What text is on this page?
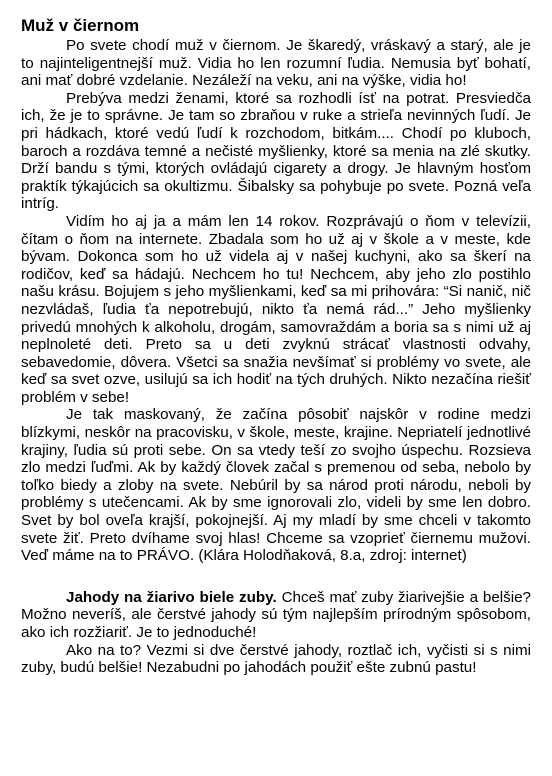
Muž v čiernom

Po svete chodí muž v čiernom. Je škaredý, vráskavý a starý, ale je to najinteligentnejší muž. Vidia ho len rozumní ľudia. Nemusia byť bohatí, ani mať dobré vzdelanie. Nezáleží na veku, ani na výške, vidia ho!

Prebýva medzi ženami, ktoré sa rozhodli ísť na potrat. Presviedča ich, že je to správne. Je tam so zbraňou v ruke a strieľa nevinných ľudí. Je pri hádkach, ktoré vedú ľudí k rozchodom, bitkám.... Chodí po kluboch, baroch a rozdáva temné a nečisté myšlienky, ktoré sa menia na zlé skutky. Drží bandu s tými, ktorých ovládajú cigarety a drogy. Je hlavným hosťom praktík týkajúcich sa okultizmu. Šibalsky sa pohybuje po svete. Pozná veľa intríg.

Vidím ho aj ja a mám len 14 rokov. Rozprávajú o ňom v televízii, čítam o ňom na internete. Zbadala som ho už aj v škole a v meste, kde bývam. Dokonca som ho už videla aj v našej kuchyni, ako sa škerí na rodičov, keď sa hádajú. Nechcem ho tu! Nechcem, aby jeho zlo postihlo našu krásu. Bojujem s jeho myšlienkami, keď sa mi prihovára: “Si nanič, nič nezvládaš, ľudia ťa nepotrebujú, nikto ťa nemá rád...” Jeho myšlienky privedú mnohých k alkoholu, drogám, samovraždám a boria sa s nimi už aj neplnoleté deti. Preto sa u deti zvyknú strácať vlastnosti odvahy, sebavedomie, dôvera. Všetci sa snažia nevšímať si problémy vo svete, ale keď sa svet ozve, usilujú sa ich hodiť na tých druhých. Nikto nezačína riešiť problém v sebe!

Je tak maskovaný, že začína pôsobiť najskôr v rodine medzi blízkymi, neskôr na pracovisku, v škole, meste, krajine. Nepriatelí jednotlivé krajiny, ľudia sú proti sebe. On sa vtedy teší zo svojho úspechu. Rozsieva zlo medzi ľuďmi. Ak by každý človek začal s premenou od seba, nebolo by toľko biedy a zloby na svete. Nebúril by sa národ proti národu, neboli by problémy s utečencami. Ak by sme ignorovali zlo, videli by sme len dobro. Svet by bol oveľa krajší, pokojnejší. Aj my mladí by sme chceli v takomto svete žiť. Preto dvíhame svoj hlas! Chceme sa vzoprieť čiernemu mužovi. Veď máme na to PRÁVO. (Klára Holodňaková, 8.a, zdroj: internet)

Jahody na žiarivo biele zuby. Chceš mať zuby žiarivejšie a belšie? Možno neveríš, ale čerstvé jahody sú tým najlepším prírodným spôsobom, ako ich rozžiariť. Je to jednoduché!

Ako na to? Vezmi si dve čerstvé jahody, roztlač ich, vyčisti si s nimi zuby, budú belšie! Nezabudni po jahodách použiť ešte zubnú pastu!
